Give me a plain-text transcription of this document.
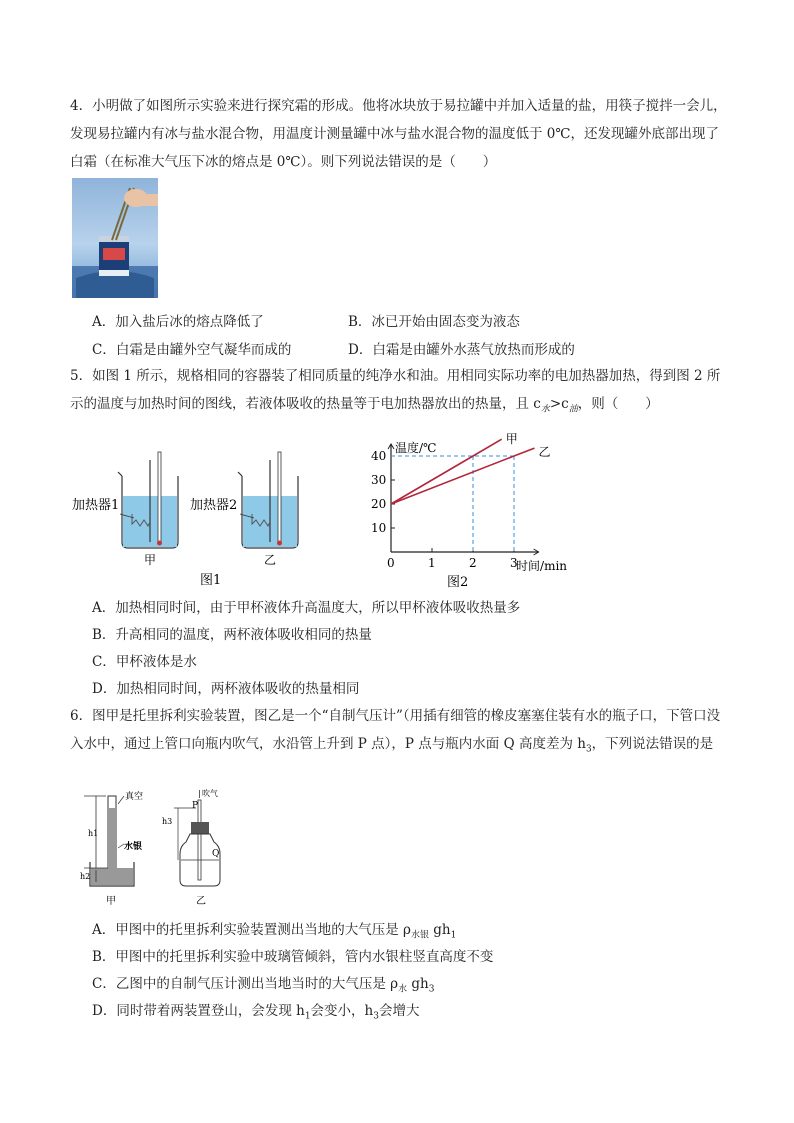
4．小明做了如图所示实验来进行探究霜的形成。他将冰块放于易拉罐中并加入适量的盐，用筷子搅拌一会儿，发现易拉罐内有冰与盐水混合物，用温度计测量罐中冰与盐水混合物的温度低于 0℃，还发现罐外底部出现了白霜（在标准大气压下冰的熔点是 0℃）。则下列说法错误的是（　　）

A．加入盐后冰的熔点降低了	B．冰已开始由固态变为液态
C．白霜是由罐外空气凝华而成的	D．白霜是由罐外水蒸气放热而形成的

5．如图 1 所示，规格相同的容器装了相同质量的纯净水和油。用相同实际功率的电加热器加热，得到图 2 所示的温度与加热时间的图线，若液体吸收的热量等于电加热器放出的热量，且 $c_水>c_油$，则（　　）

加热器1	加热器2
甲	乙
图1
0	1	2	3
10
20
30
40
温度/℃
时间/min
甲
乙
图2
A．加热相同时间，由于甲杯液体升高温度大，所以甲杯液体吸收热量多
B．升高相同的温度，两杯液体吸收相同的热量
C．甲杯液体是水
D．加热相同时间，两杯液体吸收的热量相同

6．图甲是托里拆利实验装置，图乙是一个“自制气压计”（用插有细管的橡皮塞塞住装有水的瓶子口，下管口没入水中，通过上管口向瓶内吹气，水沿管上升到 P 点），P 点与瓶内水面 Q 高度差为 $h_3$，下列说法错误的是

真空
水银
h1
h2
甲
吹气
P
Q
h3
乙
A．甲图中的托里拆利实验装置测出当地的大气压是 $\rho_{水银}$ $gh_1$
B．甲图中的托里拆利实验中玻璃管倾斜，管内水银柱竖直高度不变
C．乙图中的自制气压计测出当地当时的大气压是 $\rho_水$ $gh_3$
D．同时带着两装置登山，会发现 $h_1$会变小，$h_3$会增大
